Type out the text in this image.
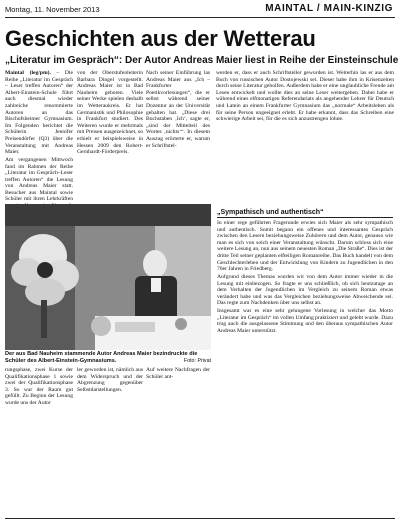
Montag, 11. November 2013	MAINTAL / MAIN-KINZIG
Geschichten aus der Wetterau
„Literatur im Gespräch“: Der Autor Andreas Maier liest in Reihe der Einsteinschule

Maintal (leg/pm). – Die Reihe „Literatur im Gespräch – Leser treffen Autoren“ der Albert-Einstein-Schule führt auch diesmal wieder zahlreiche renommierte Autoren an das Bischofsheimer Gymnasium. Im Folgenden berichtet die Schülerin Jennifer Preisendörfer (Q3) über die Veranstaltung mit Andreas Maier.

Am vergangenen Mittwoch fand im Rahmen der Reihe „Literatur im Gespräch–Leser treffen Autoren“ die Lesung von Andreas Maier statt. Besucher aus Maintal sowie Schüler mit ihren Lehrkräften

von der Oberstufenleiterin Barbara Dingel vorgestellt. Andreas Maier ist in Bad Nauheim geboren. Viele seiner Werke spielen deshalb im Wetteraukreis. Er hat Germanistik und Philosophie in Frankfurt studiert. Des Weiteren wurde er mehrmals mit Preisen ausgezeichnet, so erhielt er beispielsweise in Hessen 2009 den Robert-Gernhardt-Förderpreis.

Nach seiner Einführung las Andreas Maier aus „Ich – Frankfurter Poetikvorlesungen“, die er selbst während seiner Dozentur an der Universität gehalten hat. „Diese drei Buchstaben ‚Ich‘, sagte er, „sind der Mittelteil des Wortes ‚nichts‘“. In diesem Auszug erörterte er, warum er Schriftstel-

werden er, dass er auch Schriftsteller geworden ist. Weiterhin las er aus dem Buch von russischen Autor Dostojewski sei. Dieser habe ihm in Krisenzeiten durch seine Literatur geholfen. Außerdem habe er eine unglaubliche Freude am Lesen entwickelt und wollte dies an seine Leser weitergeben. Dabei habe er während eines elfmonatigen Referendariats als angehender Lehrer für Deutsch und Latein an einem Frankfurter Gymnasium das „normale“ Arbeitsleben als für seine Person ungeeignet erlebt. Er habe erkannt, dass das Schreiben eine schwierige Arbeit sei, für die es sich anzustrengen lohne.

Der aus Bad Nauheim stammende Autor Andreas Maier bezindruckte die Schüler des Albert-Einstein-Gymnasiums.	Foto: Privat

rungsphase, zwei Kurse der Qualifikationsphase 1 sowie zwei der Qualifikationsphase 3. So war der Raum gut gefüllt. Zu Beginn der Lesung wurde uns der Autor

ler geworden ist, nämlich aus dem Widerspruch und der Abgrenzung gegenüber Selbstdarstellungen.

Auf weitere Nachfragen der Schüler ant-

„Sympathisch und authentisch“

In einer rege geführten Fragerunde erwies sich Maier als sehr sympathisch und authentisch. Somit begann ein offenes und interessantes Gespräch zwischen den Lesern beziehungsweise Zuhörern und dem Autor, genauso wie man es sich von solch einer Veranstaltung wünscht. Darum schloss sich eine weitere Lesung an, nun aus seinem neuesten Roman „Die Straße“. Dies ist der dritte Teil seiner geplanten elfteiligen Romanreihe. Das Buch handelt von dem Geschlechterleben und der Entwicklung von Kindern zu Jugendlichen in den 70er Jahren in Friedberg.

Aufgrund dieses Themas wurden wir von dem Autor immer wieder in die Lesung mit einbezogen. So fragte er uns schließlich, ob sich heutzutage an dem Verhalten der Jugendlichen im Vergleich zu seinem Roman etwas verändert habe und was das Vergleichen beziehungsweise Abweichende sei. Das regte zum Nachdenken über uns selbst an.

Insgesamt war es eine sehr gelungene Vorlesung in welcher das Motto „Literatur im Gespräch“ im vollen Umfang praktiziert und gelebt wurde. Dazu trug auch die ausgelassene Stimmung und den überaus sympathischen Autor Andreas Maier unterstützt.
